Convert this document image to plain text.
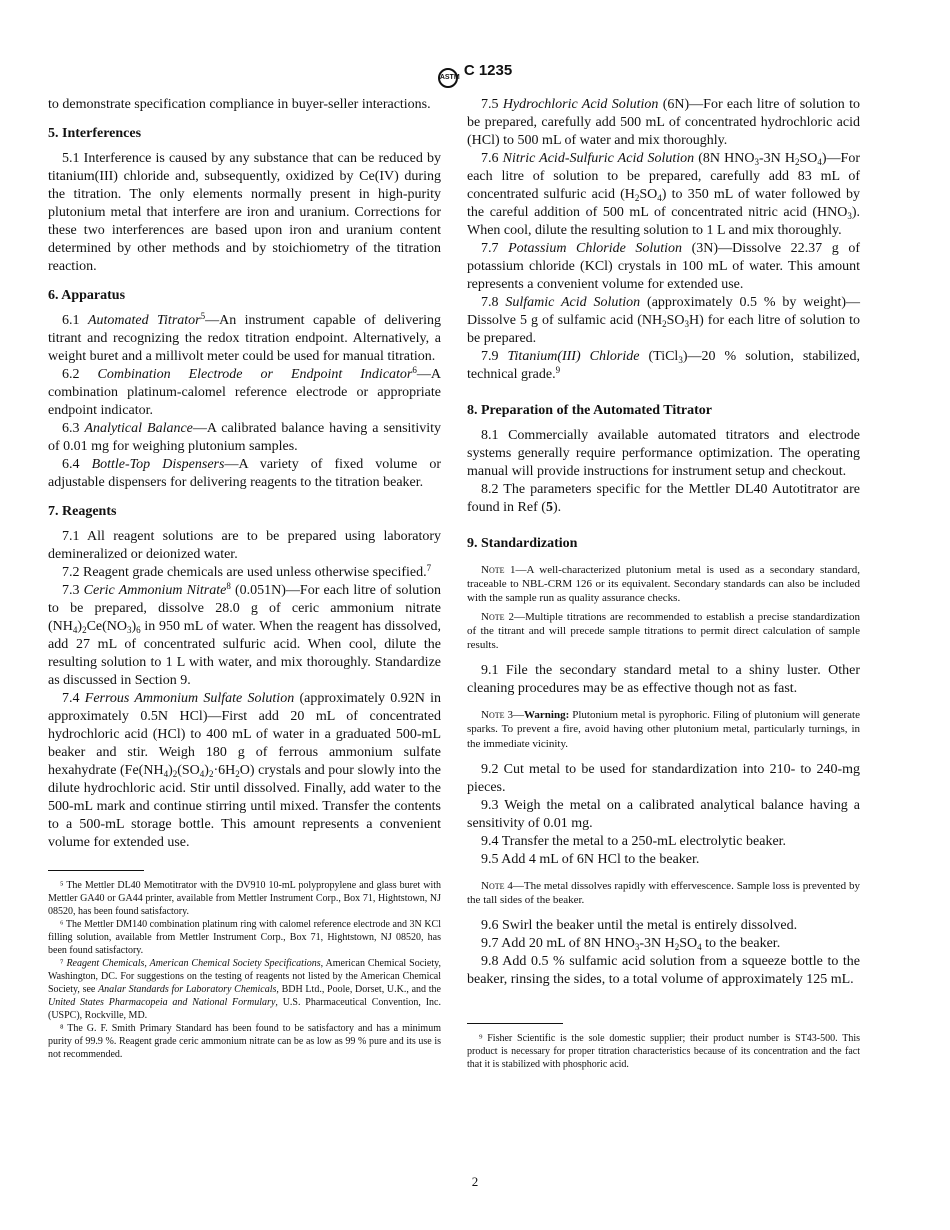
ASTM C 1235

to demonstrate specification compliance in buyer-seller interactions.

5. Interferences

5.1 Interference is caused by any substance that can be reduced by titanium(III) chloride and, subsequently, oxidized by Ce(IV) during the titration. The only elements normally present in high-purity plutonium metal that interfere are iron and uranium. Corrections for these two interferences are based upon iron and uranium content determined by other methods and by stoichiometry of the titration reaction.

6. Apparatus

6.1 Automated Titrator$^5$—An instrument capable of delivering titrant and recognizing the redox titration endpoint. Alternatively, a weight buret and a millivolt meter could be used for manual titration.

6.2 Combination Electrode or Endpoint Indicator$^6$—A combination platinum-calomel reference electrode or appropriate endpoint indicator.

6.3 Analytical Balance—A calibrated balance having a sensitivity of 0.01 mg for weighing plutonium samples.

6.4 Bottle-Top Dispensers—A variety of fixed volume or adjustable dispensers for delivering reagents to the titration beaker.

7. Reagents

7.1 All reagent solutions are to be prepared using laboratory demineralized or deionized water.

7.2 Reagent grade chemicals are used unless otherwise specified.$^7$

7.3 Ceric Ammonium Nitrate$^8$ (0.051N)—For each litre of solution to be prepared, dissolve 28.0 g of ceric ammonium nitrate $(NH_4)_2Ce(NO_3)_6$ in 950 mL of water. When the reagent has dissolved, add 27 mL of concentrated sulfuric acid. When cool, dilute the resulting solution to 1 L with water, and mix thoroughly. Standardize as discussed in Section 9.

7.4 Ferrous Ammonium Sulfate Solution (approximately 0.92N in approximately 0.5N HCl)—First add 20 mL of concentrated hydrochloric acid (HCl) to 400 mL of water in a graduated 500-mL beaker and stir. Weigh 180 g of ferrous ammonium sulfate hexahydrate $(Fe(NH_4)_2(SO_4)_2\cdot 6H_2O)$ crystals and pour slowly into the dilute hydrochloric acid. Stir until dissolved. Finally, add water to the 500-mL mark and continue stirring until mixed. Transfer the contents to a 500-mL storage bottle. This amount represents a convenient volume for extended use.

⁵ The Mettler DL40 Memotitrator with the DV910 10-mL polypropylene and glass buret with Mettler GA40 or GA44 printer, available from Mettler Instrument Corp., Box 71, Hightstown, NJ 08520, has been found satisfactory.

⁶ The Mettler DM140 combination platinum ring with calomel reference electrode and 3N KCl filling solution, available from Mettler Instrument Corp., Box 71, Hightstown, NJ 08520, has been found satisfactory.

⁷ Reagent Chemicals, American Chemical Society Specifications, American Chemical Society, Washington, DC. For suggestions on the testing of reagents not listed by the American Chemical Society, see Analar Standards for Laboratory Chemicals, BDH Ltd., Poole, Dorset, U.K., and the United States Pharmacopeia and National Formulary, U.S. Pharmaceutical Convention, Inc. (USPC), Rockville, MD.

⁸ The G. F. Smith Primary Standard has been found to be satisfactory and has a minimum purity of 99.9 %. Reagent grade ceric ammonium nitrate can be as low as 99 % pure and its use is not recommended.

7.5 Hydrochloric Acid Solution (6N)—For each litre of solution to be prepared, carefully add 500 mL of concentrated hydrochloric acid (HCl) to 500 mL of water and mix thoroughly.

7.6 Nitric Acid-Sulfuric Acid Solution (8N $HNO_3-3N$ $H_2SO_4)—For$ each litre of solution to be prepared, carefully add 83 mL of concentrated sulfuric acid $(H_2SO_4)$ to 350 mL of water followed by the careful addition of 500 mL of concentrated nitric acid $(HNO_3)$. When cool, dilute the resulting solution to 1 L and mix thoroughly.

7.7 Potassium Chloride Solution (3N)—Dissolve 22.37 g of potassium chloride (KCl) crystals in 100 mL of water. This amount represents a convenient volume for extended use.

7.8 Sulfamic Acid Solution (approximately 0.5 % by weight)—Dissolve 5 g of sulfamic acid $(NH_2SO_3H)$ for each litre of solution to be prepared.

7.9 Titanium(III) Chloride (TiCl$_3$)—20 % solution, stabilized, technical grade.$^9$

8. Preparation of the Automated Titrator

8.1 Commercially available automated titrators and electrode systems generally require performance optimization. The operating manual will provide instructions for instrument setup and checkout.

8.2 The parameters specific for the Mettler DL40 Autotitrator are found in Ref (5).

9. Standardization

Note 1—A well-characterized plutonium metal is used as a secondary standard, traceable to NBL-CRM 126 or its equivalent. Secondary standards can also be included with the sample run as quality assurance checks.

Note 2—Multiple titrations are recommended to establish a precise standardization of the titrant and will precede sample titrations to permit direct calculation of sample results.

9.1 File the secondary standard metal to a shiny luster. Other cleaning procedures may be as effective though not as fast.

Note 3—Warning: Plutonium metal is pyrophoric. Filing of plutonium will generate sparks. To prevent a fire, avoid having other plutonium metal, particularly turnings, in the immediate vicinity.

9.2 Cut metal to be used for standardization into 210- to 240-mg pieces.

9.3 Weigh the metal on a calibrated analytical balance having a sensitivity of 0.01 mg.

9.4 Transfer the metal to a 250-mL electrolytic beaker.

9.5 Add 4 mL of 6N HCl to the beaker.

Note 4—The metal dissolves rapidly with effervescence. Sample loss is prevented by the tall sides of the beaker.

9.6 Swirl the beaker until the metal is entirely dissolved.

9.7 Add 20 mL of 8N $HNO_3-3N$ $H_2SO_4$ to the beaker.

9.8 Add 0.5 % sulfamic acid solution from a squeeze bottle to the beaker, rinsing the sides, to a total volume of approximately 125 mL.

⁹ Fisher Scientific is the sole domestic supplier; their product number is ST43-500. This product is necessary for proper titration characteristics because of its concentration and the fact that it is stabilized with phosphoric acid.

2
